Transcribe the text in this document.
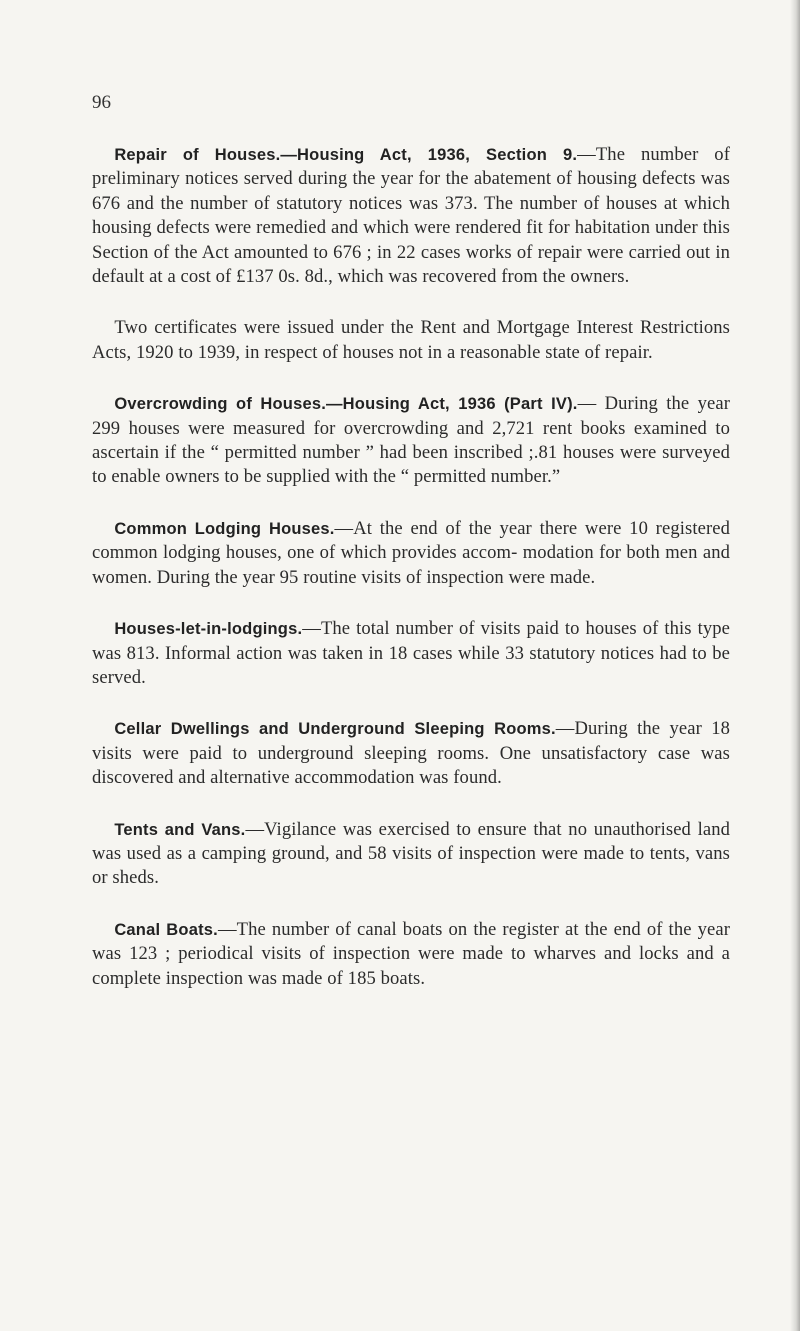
96

Repair of Houses.—Housing Act, 1936, Section 9.—The number of preliminary notices served during the year for the abatement of housing defects was 676 and the number of statutory notices was 373. The number of houses at which housing defects were remedied and which were rendered fit for habitation under this Section of the Act amounted to 676 ; in 22 cases works of repair were carried out in default at a cost of £137 0s. 8d., which was recovered from the owners.

Two certificates were issued under the Rent and Mortgage Interest Restrictions Acts, 1920 to 1939, in respect of houses not in a reasonable state of repair.

Overcrowding of Houses.—Housing Act, 1936 (Part IV).— During the year 299 houses were measured for overcrowding and 2,721 rent books examined to ascertain if the “ permitted number ” had been inscribed ;.81 houses were surveyed to enable owners to be supplied with the “ permitted number.”

Common Lodging Houses.—At the end of the year there were 10 registered common lodging houses, one of which provides accom- modation for both men and women. During the year 95 routine visits of inspection were made.

Houses-let-in-lodgings.—The total number of visits paid to houses of this type was 813. Informal action was taken in 18 cases while 33 statutory notices had to be served.

Cellar Dwellings and Underground Sleeping Rooms.—During the year 18 visits were paid to underground sleeping rooms. One unsatisfactory case was discovered and alternative accommodation was found.

Tents and Vans.—Vigilance was exercised to ensure that no unauthorised land was used as a camping ground, and 58 visits of inspection were made to tents, vans or sheds.

Canal Boats.—The number of canal boats on the register at the end of the year was 123 ; periodical visits of inspection were made to wharves and locks and a complete inspection was made of 185 boats.
